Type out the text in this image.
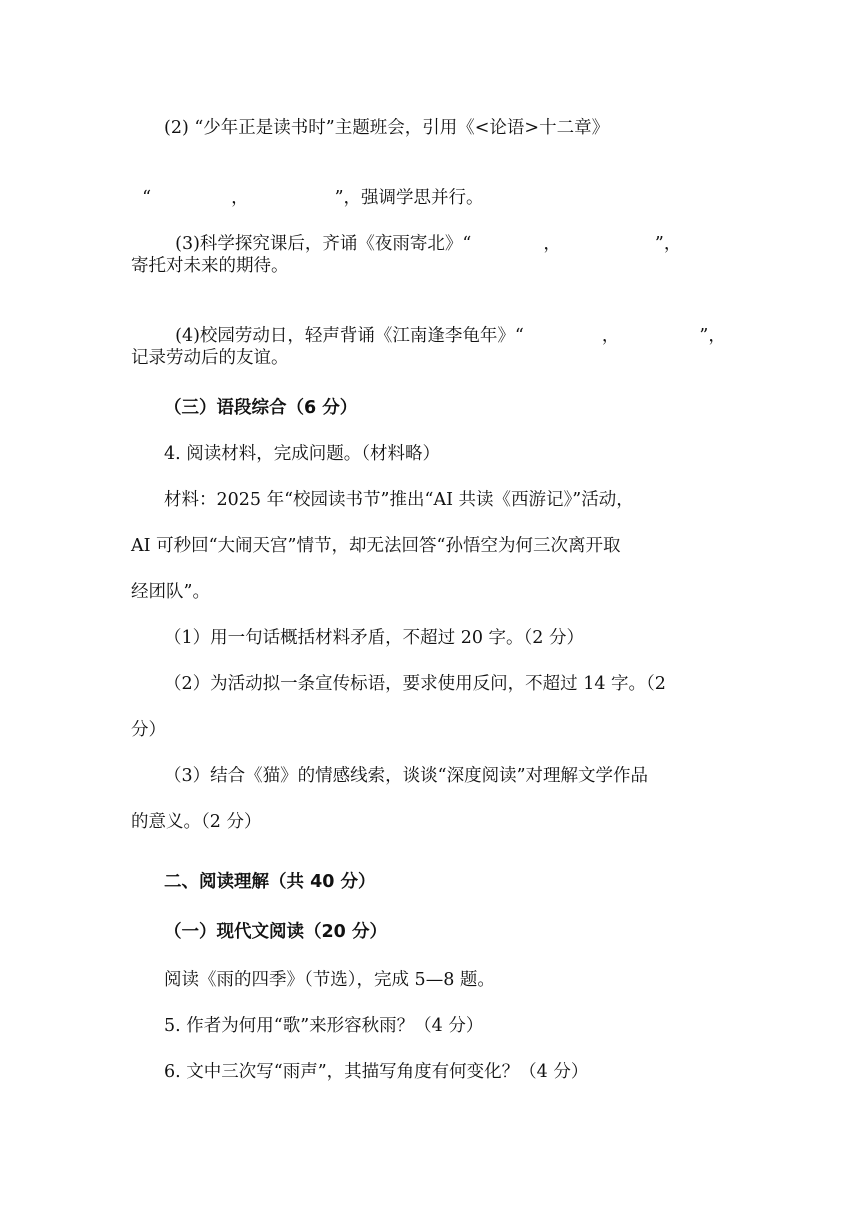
(2) “少年正是读书时”主题班会，引用《<论语>十二章》

“	，	”，强调学思并行。

(3)科学探究课后，齐诵《夜雨寄北》“	，	”，

寄托对未来的期待。

(4)校园劳动日，轻声背诵《江南逢李龟年》“	，	”，

记录劳动后的友谊。
（三）语段综合（6 分）
4. 阅读材料，完成问题。（材料略）
材料：2025 年“校园读书节”推出“AI 共读《西游记》”活动，
AI 可秒回“大闹天宫”情节，却无法回答“孙悟空为何三次离开取
经团队”。
（1）用一句话概括材料矛盾，不超过 20 字。（2 分）
（2）为活动拟一条宣传标语，要求使用反问，不超过 14 字。（2
分）
（3）结合《猫》的情感线索，谈谈“深度阅读”对理解文学作品
的意义。（2 分）
二、阅读理解（共 40 分）
（一）现代文阅读（20 分）
阅读《雨的四季》（节选），完成 5—8 题。
5. 作者为何用“歌”来形容秋雨？（4 分）
6. 文中三次写“雨声”，其描写角度有何变化？（4 分）
